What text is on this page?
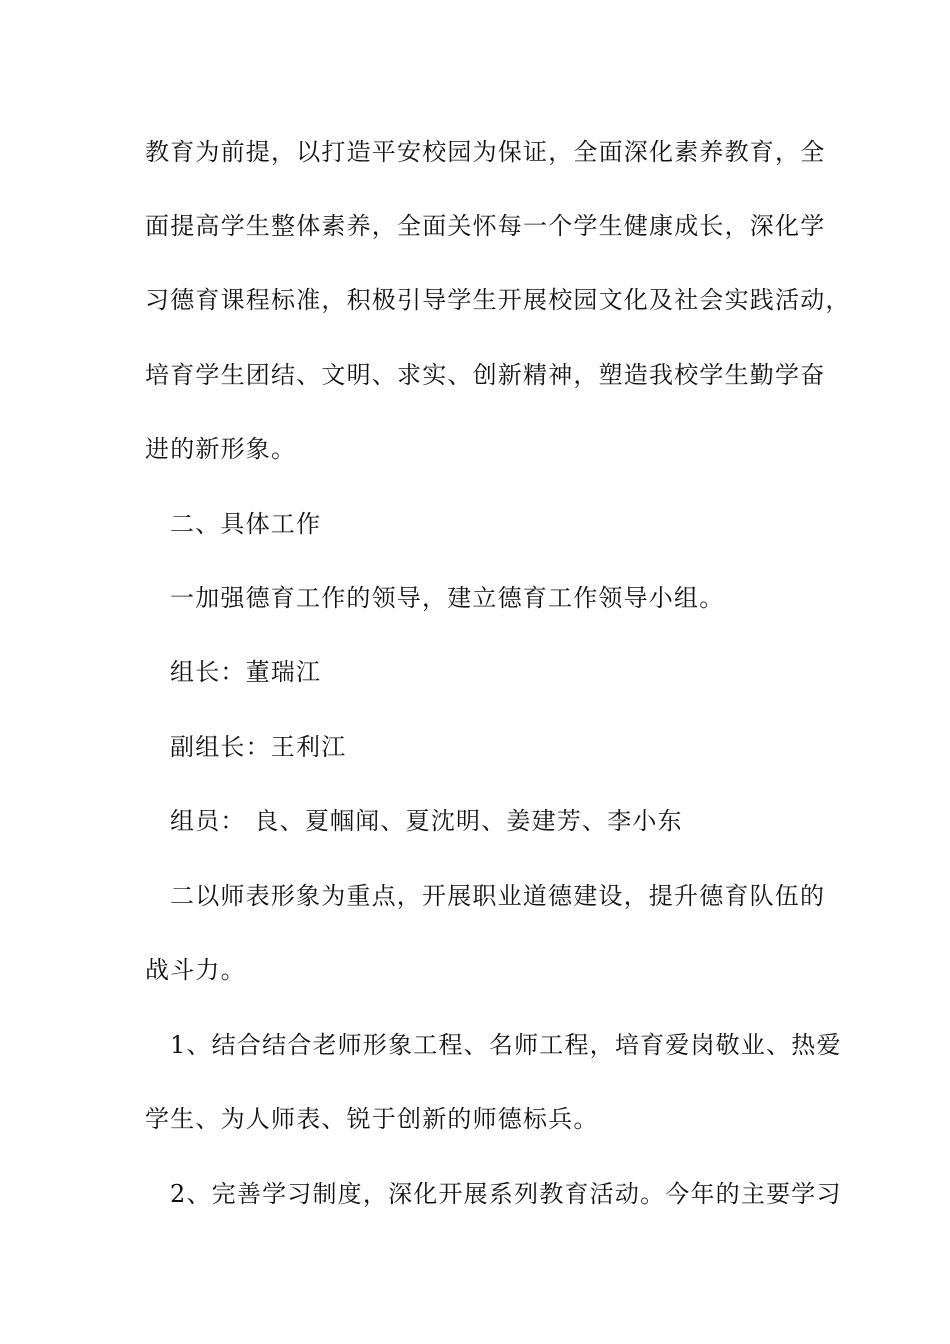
教育为前提，以打造平安校园为保证，全面深化素养教育，全
面提高学生整体素养，全面关怀每一个学生健康成长，深化学
习德育课程标准，积极引导学生开展校园文化及社会实践活动，
培育学生团结、文明、求实、创新精神，塑造我校学生勤学奋
进的新形象。
二、具体工作
一加强德育工作的领导，建立德育工作领导小组。
组长：董瑞江
副组长：王利江
组员： 良、夏帼闻、夏沈明、姜建芳、李小东
二以师表形象为重点，开展职业道德建设，提升德育队伍的
战斗力。
1、结合结合老师形象工程、名师工程，培育爱岗敬业、热爱
学生、为人师表、锐于创新的师德标兵。
2、完善学习制度，深化开展系列教育活动。今年的主要学习
